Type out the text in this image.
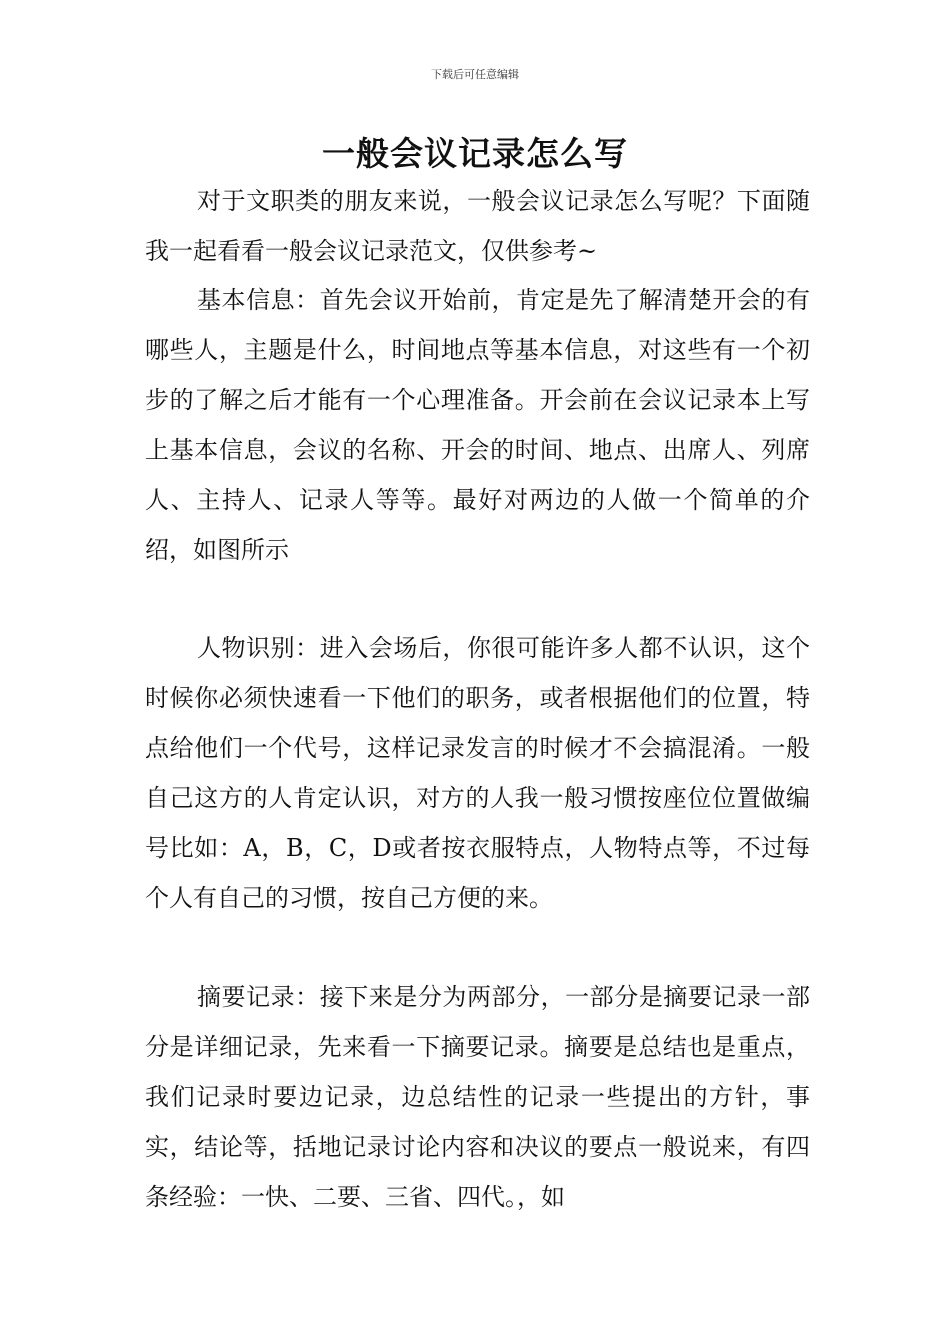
下载后可任意编辑
一般会议记录怎么写

对于文职类的朋友来说，一般会议记录怎么写呢？下面随我一起看看一般会议记录范文，仅供参考~

基本信息：首先会议开始前，肯定是先了解清楚开会的有哪些人，主题是什么，时间地点等基本信息，对这些有一个初步的了解之后才能有一个心理准备。开会前在会议记录本上写上基本信息，会议的名称、开会的时间、地点、出席人、列席人、主持人、记录人等等。最好对两边的人做一个简单的介绍，如图所示

人物识别：进入会场后，你很可能许多人都不认识，这个时候你必须快速看一下他们的职务，或者根据他们的位置，特点给他们一个代号，这样记录发言的时候才不会搞混淆。一般自己这方的人肯定认识，对方的人我一般习惯按座位位置做编号比如：A，B，C，D或者按衣服特点，人物特点等，不过每个人有自己的习惯，按自己方便的来。

摘要记录：接下来是分为两部分，一部分是摘要记录一部分是详细记录，先来看一下摘要记录。摘要是总结也是重点，我们记录时要边记录，边总结性的记录一些提出的方针，事实，结论等，括地记录讨论内容和决议的要点一般说来，有四条经验：一快、二要、三省、四代。，如
